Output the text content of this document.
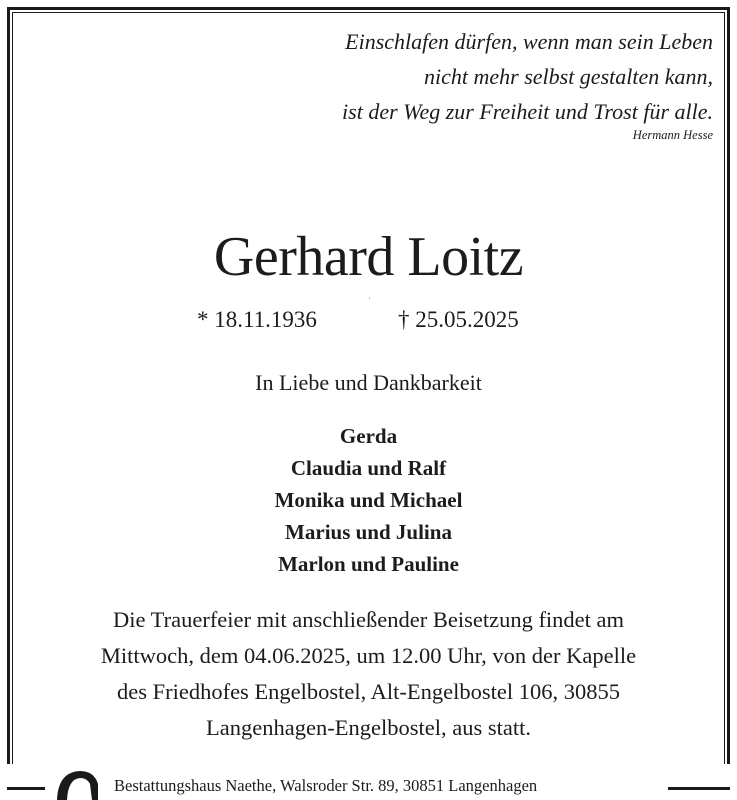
Einschlafen dürfen, wenn man sein Leben
nicht mehr selbst gestalten kann,
ist der Weg zur Freiheit und Trost für alle.
Hermann Hesse
Gerhard Loitz
'
* 18.11.1936	† 25.05.2025
In Liebe und Dankbarkeit
Gerda
Claudia und Ralf
Monika und Michael
Marius und Julina
Marlon und Pauline
Die Trauerfeier mit anschließender Beisetzung findet am
Mittwoch, dem 04.06.2025, um 12.00 Uhr, von der Kapelle
des Friedhofes Engelbostel, Alt-Engelbostel 106, 30855
Langenhagen-Engelbostel, aus statt.
Bestattungshaus Naethe, Walsroder Str. 89, 30851 Langenhagen
